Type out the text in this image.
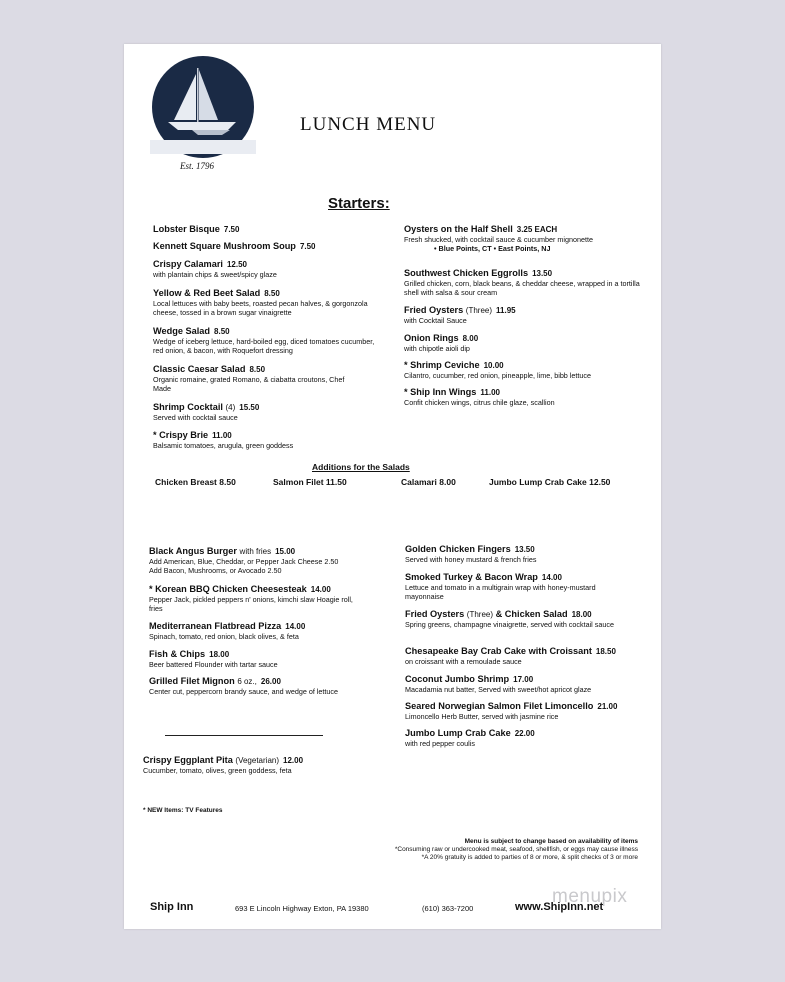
Est. 1796
LUNCH MENU
Starters:
Lobster Bisque 7.50
Kennett Square Mushroom Soup 7.50
Crispy Calamari 12.50
with plantain chips & sweet/spicy glaze
Yellow & Red Beet Salad 8.50
Local lettuces with baby beets, roasted pecan halves, & gorgonzola cheese, tossed in a brown sugar vinaigrette
Wedge Salad 8.50
Wedge of iceberg lettuce, hard-boiled egg, diced tomatoes cucumber, red onion, & bacon, with Roquefort dressing
Classic Caesar Salad 8.50
Organic romaine, grated Romano, & ciabatta croutons, Chef Made
Shrimp Cocktail (4) 15.50
Served with cocktail sauce
* Crispy Brie 11.00
Balsamic tomatoes, arugula, green goddess
Oysters on the Half Shell 3.25 EACH
Fresh shucked, with cocktail sauce & cucumber mignonette
• Blue Points, CT • East Points, NJ
Southwest Chicken Eggrolls 13.50
Grilled chicken, corn, black beans, & cheddar cheese, wrapped in a tortilla shell with salsa & sour cream
Fried Oysters (Three) 11.95
with Cocktail Sauce
Onion Rings 8.00
with chipotle aioli dip
* Shrimp Ceviche 10.00
Cilantro, cucumber, red onion, pineapple, lime, bibb lettuce
* Ship Inn Wings 11.00
Confit chicken wings, citrus chile glaze, scallion
Additions for the Salads
Chicken Breast 8.50	Salmon Filet 11.50	Calamari 8.00	Jumbo Lump Crab Cake 12.50
Black Angus Burger with fries 15.00
Add American, Blue, Cheddar, or Pepper Jack Cheese 2.50
Add Bacon, Mushrooms, or Avocado 2.50
* Korean BBQ Chicken Cheesesteak 14.00
Pepper Jack, pickled peppers n' onions, kimchi slaw Hoagie roll, fries
Mediterranean Flatbread Pizza 14.00
Spinach, tomato, red onion, black olives, & feta
Fish & Chips 18.00
Beer battered Flounder with tartar sauce
Grilled Filet Mignon 6 oz., 26.00
Center cut, peppercorn brandy sauce, and wedge of lettuce
Golden Chicken Fingers 13.50
Served with honey mustard & french fries
Smoked Turkey & Bacon Wrap 14.00
Lettuce and tomato in a multigrain wrap with honey-mustard mayonnaise
Fried Oysters (Three) & Chicken Salad 18.00
Spring greens, champagne vinaigrette, served with cocktail sauce
Chesapeake Bay Crab Cake with Croissant 18.50
on croissant with a remoulade sauce
Coconut Jumbo Shrimp 17.00
Macadamia nut batter, Served with sweet/hot apricot glaze
Seared Norwegian Salmon Filet Limoncello 21.00
Limoncello Herb Butter, served with jasmine rice
Jumbo Lump Crab Cake 22.00
with red pepper coulis
Crispy Eggplant Pita (Vegetarian) 12.00
Cucumber, tomato, olives, green goddess, feta
* NEW Items: TV Features
Menu is subject to change based on availability of items
*Consuming raw or undercooked meat, seafood, shellfish, or eggs may cause illness
*A 20% gratuity is added to parties of 8 or more, & split checks of 3 or more
menupix
Ship Inn	693 E Lincoln Highway Exton, PA 19380	(610) 363-7200	www.ShipInn.net
